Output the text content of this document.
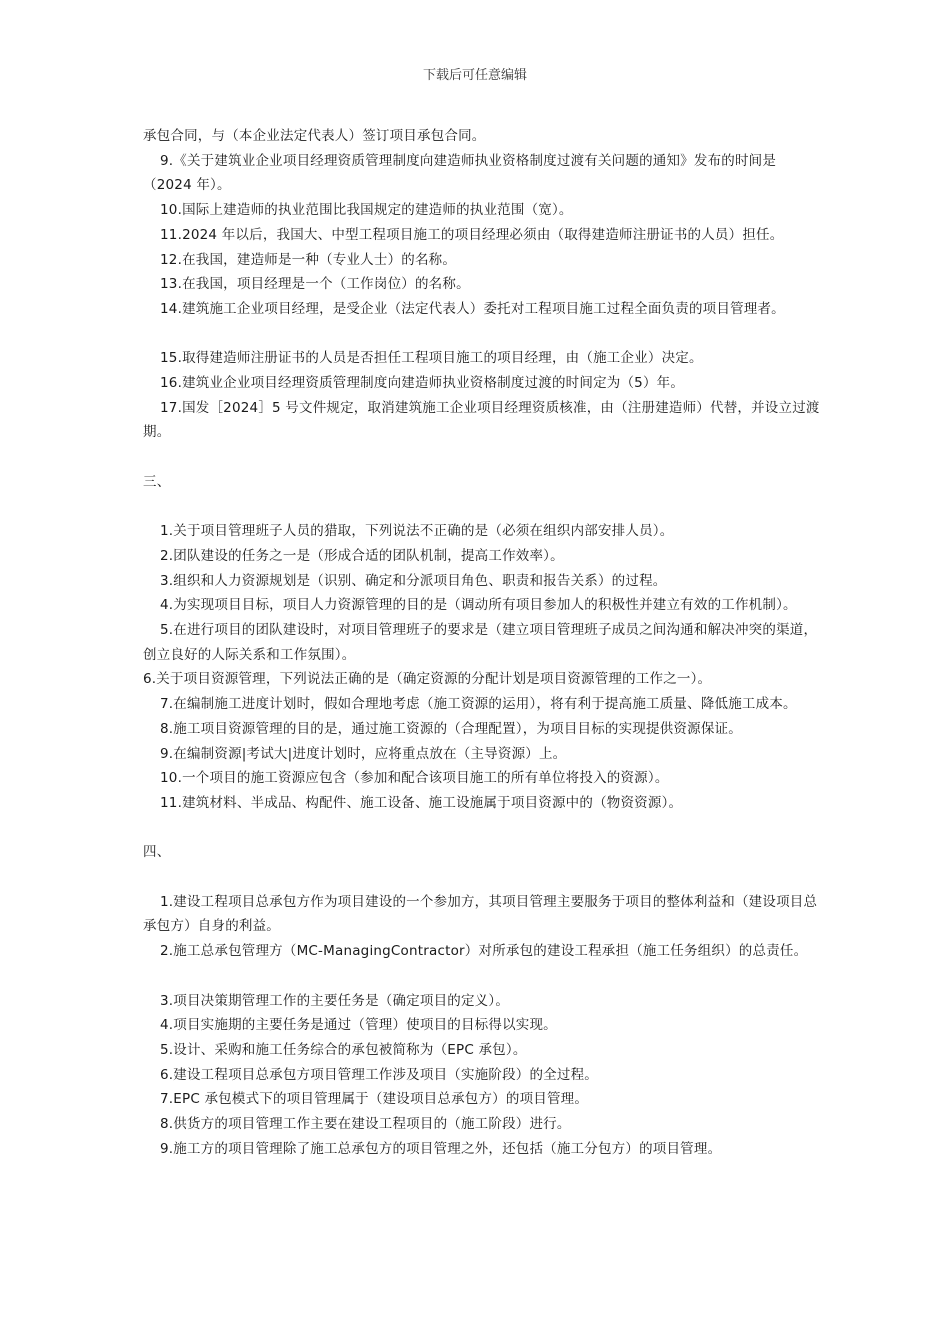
下载后可任意编辑

承包合同，与（本企业法定代表人）签订项目承包合同。

9.《关于建筑业企业项目经理资质管理制度向建造师执业资格制度过渡有关问题的通知》发布的时间是（2024 年）。

10.国际上建造师的执业范围比我国规定的建造师的执业范围（宽）。

11.2024 年以后，我国大、中型工程项目施工的项目经理必须由（取得建造师注册证书的人员）担任。

12.在我国，建造师是一种（专业人士）的名称。

13.在我国，项目经理是一个（工作岗位）的名称。

14.建筑施工企业项目经理，是受企业（法定代表人）委托对工程项目施工过程全面负责的项目管理者。

15.取得建造师注册证书的人员是否担任工程项目施工的项目经理，由（施工企业）决定。

16.建筑业企业项目经理资质管理制度向建造师执业资格制度过渡的时间定为（5）年。

17.国发［2024］5 号文件规定，取消建筑施工企业项目经理资质核准，由（注册建造师）代替，并设立过渡期。

三、

1.关于项目管理班子人员的猎取，下列说法不正确的是（必须在组织内部安排人员）。

2.团队建设的任务之一是（形成合适的团队机制，提高工作效率）。

3.组织和人力资源规划是（识别、确定和分派项目角色、职责和报告关系）的过程。

4.为实现项目目标，项目人力资源管理的目的是（调动所有项目参加人的积极性并建立有效的工作机制）。

5.在进行项目的团队建设时，对项目管理班子的要求是（建立项目管理班子成员之间沟通和解决冲突的渠道，创立良好的人际关系和工作氛围）。

6.关于项目资源管理，下列说法正确的是（确定资源的分配计划是项目资源管理的工作之一）。

7.在编制施工进度计划时，假如合理地考虑（施工资源的运用），将有利于提高施工质量、降低施工成本。

8.施工项目资源管理的目的是，通过施工资源的（合理配置），为项目目标的实现提供资源保证。

9.在编制资源|考试大|进度计划时，应将重点放在（主导资源）上。

10.一个项目的施工资源应包含（参加和配合该项目施工的所有单位将投入的资源）。

11.建筑材料、半成品、构配件、施工设备、施工设施属于项目资源中的（物资资源）。

四、

1.建设工程项目总承包方作为项目建设的一个参加方，其项目管理主要服务于项目的整体利益和（建设项目总承包方）自身的利益。

2.施工总承包管理方（MC-ManagingContractor）对所承包的建设工程承担（施工任务组织）的总责任。

3.项目决策期管理工作的主要任务是（确定项目的定义）。

4.项目实施期的主要任务是通过（管理）使项目的目标得以实现。

5.设计、采购和施工任务综合的承包被简称为（EPC 承包）。

6.建设工程项目总承包方项目管理工作涉及项目（实施阶段）的全过程。

7.EPC 承包模式下的项目管理属于（建设项目总承包方）的项目管理。

8.供货方的项目管理工作主要在建设工程项目的（施工阶段）进行。

9.施工方的项目管理除了施工总承包方的项目管理之外，还包括（施工分包方）的项目管理。
